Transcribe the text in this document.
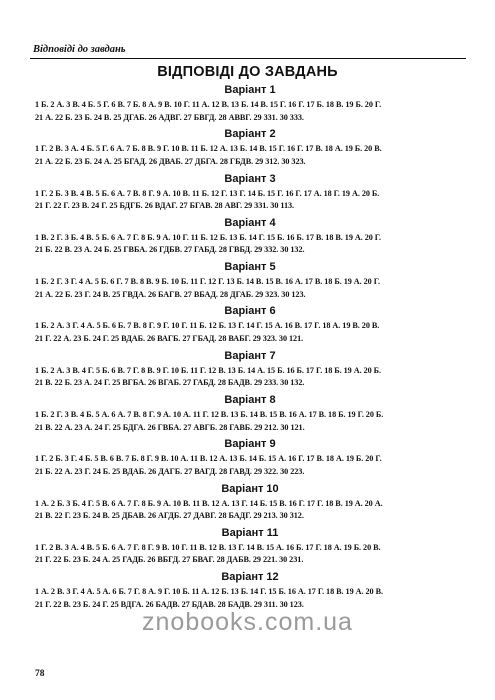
Відповіді до завдань
ВІДПОВІДІ ДО ЗАВДАНЬ
Варіант 1
1 Б. 2 А. 3 В. 4 Б. 5 Г. 6 В. 7 Б. 8 А. 9 В. 10 Г. 11 А. 12 В. 13 Б. 14 В. 15 Г. 16 Г. 17 Б. 18 В. 19 Б. 20 Г.
21 А. 22 Б. 23 Б. 24 В. 25 ДГАБ. 26 АДВГ. 27 БВГД. 28 АВВГ. 29 331. 30 333.
Варіант 2
1 Г. 2 В. 3 А. 4 Б. 5 Г. 6 А. 7 Б. 8 В. 9 Г. 10 В. 11 Б. 12 А. 13 Б. 14 В. 15 Г. 16 Г. 17 В. 18 А. 19 Б. 20 В.
21 А. 22 Б. 23 Б. 24 А. 25 БГАД. 26 ДВАБ. 27 ДБГА. 28 ГБДВ. 29 312. 30 323.
Варіант 3
1 Г. 2 Б. 3 В. 4 В. 5 Б. 6 А. 7 В. 8 Г. 9 А. 10 В. 11 Б. 12 Г. 13 Г. 14 Б. 15 Г. 16 Г. 17 А. 18 Г. 19 А. 20 Б.
21 Г. 22 Г. 23 В. 24 Г. 25 БДГБ. 26 ВДАГ. 27 БГАВ. 28 АВГ. 29 331. 30 113.
Варіант 4
1 В. 2 Г. 3 Б. 4 В. 5 Б. 6 А. 7 Г. 8 Б. 9 А. 10 Г. 11 Б. 12 Б. 13 Б. 14 Г. 15 Б. 16 Б. 17 В. 18 В. 19 А. 20 Г.
21 Б. 22 В. 23 А. 24 Б. 25 ГВБА. 26 ГДБВ. 27 ГАБД. 28 ГВБД. 29 332. 30 132.
Варіант 5
1 Б. 2 Г. 3 Г. 4 А. 5 Б. 6 Г. 7 В. 8 В. 9 Б. 10 Б. 11 Г. 12 Г. 13 Б. 14 В. 15 В. 16 А. 17 В. 18 Б. 19 А. 20 Г.
21 А. 22 Б. 23 Г. 24 В. 25 ГВДА. 26 БАГВ. 27 ВБАД. 28 ДГАБ. 29 323. 30 123.
Варіант 6
1 Б. 2 А. 3 Г. 4 А. 5 Б. 6 Б. 7 В. 8 Г. 9 Г. 10 Г. 11 Б. 12 Б. 13 Г. 14 Г. 15 А. 16 В. 17 Г. 18 А. 19 В. 20 В.
21 Г. 22 А. 23 Б. 24 Г. 25 ВДАБ. 26 ВАГБ. 27 ГБАД. 28 ВАБГ. 29 323. 30 121.
Варіант 7
1 Б. 2 А. 3 В. 4 Г. 5 Б. 6 В. 7 Г. 8 В. 9 Г. 10 Б. 11 Г. 12 В. 13 Б. 14 А. 15 Б. 16 Б. 17 Г. 18 Б. 19 А. 20 Б.
21 В. 22 Б. 23 А. 24 Г. 25 ВГБА. 26 ВГАБ. 27 ГАБД. 28 БАДВ. 29 233. 30 132.
Варіант 8
1 Б. 2 Г. 3 В. 4 Б. 5 А. 6 А. 7 В. 8 Г. 9 А. 10 А. 11 Г. 12 В. 13 Б. 14 В. 15 В. 16 А. 17 В. 18 Б. 19 Г. 20 Б.
21 В. 22 А. 23 А. 24 Г. 25 БДГА. 26 ГВБА. 27 АВГБ. 28 ГАВБ. 29 212. 30 121.
Варіант 9
1 Г. 2 Б. 3 Г. 4 Б. 5 В. 6 В. 7 Б. 8 Г. 9 В. 10 А. 11 В. 12 А. 13 Б. 14 Б. 15 А. 16 Г. 17 В. 18 А. 19 Б. 20 Г.
21 Б. 22 А. 23 Г. 24 Б. 25 ВДАБ. 26 ДАГБ. 27 ВАГД. 28 ГАВД. 29 322. 30 223.
Варіант 10
1 А. 2 Б. 3 Б. 4 Г. 5 В. 6 А. 7 Г. 8 Б. 9 А. 10 В. 11 В. 12 А. 13 Г. 14 Б. 15 В. 16 Г. 17 Г. 18 В. 19 А. 20 А.
21 В. 22 Г. 23 Б. 24 В. 25 ДБАВ. 26 АГДБ. 27 ДАВГ. 28 БАДГ. 29 213. 30 312.
Варіант 11
1 Г. 2 В. 3 А. 4 В. 5 Б. 6 А. 7 Г. 8 Г. 9 В. 10 Г. 11 В. 12 В. 13 Г. 14 В. 15 А. 16 Б. 17 Г. 18 А. 19 Б. 20 В.
21 Г. 22 Б. 23 Б. 24 А. 25 ГАДБ. 26 ВБГД. 27 БВАГ. 28 ДАБВ. 29 221. 30 231.
Варіант 12
1 А. 2 В. 3 Г. 4 А. 5 А. 6 Б. 7 Г. 8 А. 9 Г. 10 Б. 11 А. 12 Б. 13 Б. 14 Г. 15 Б. 16 А. 17 Г. 18 В. 19 А. 20 В.
21 Г. 22 В. 23 Б. 24 Г. 25 ВДГА. 26 БАДВ. 27 БДАВ. 28 БАДВ. 29 311. 30 123.
znobooks.com.ua
78
